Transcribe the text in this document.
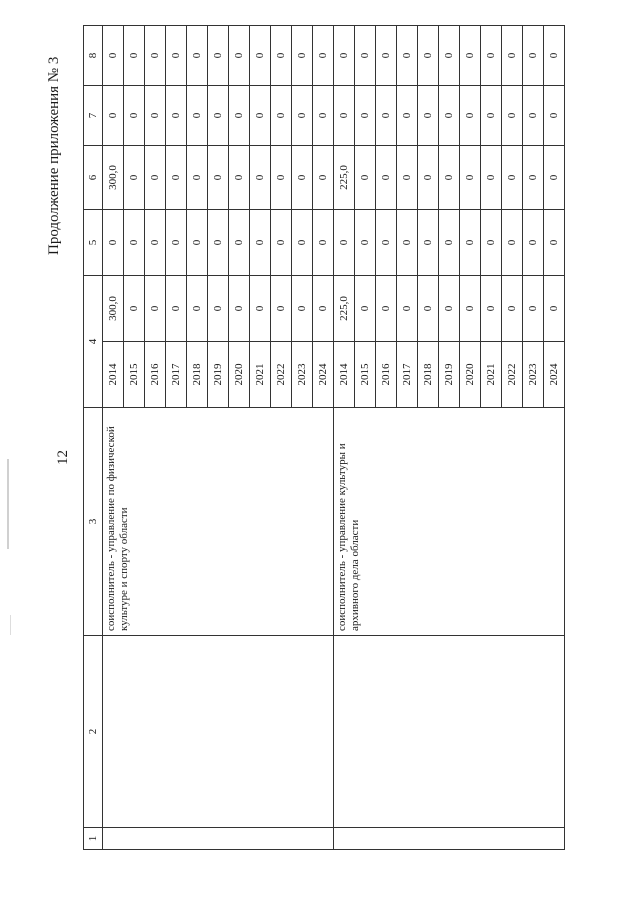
12
Продолжение приложения № 3
1	2	3	4		5	6	7	8
		соисполнитель - управление по физической культуре и спорту области	2014	300,0	0	300,0	0	0
			2015	0	0	0	0	0
			2016	0	0	0	0	0
			2017	0	0	0	0	0
			2018	0	0	0	0	0
			2019	0	0	0	0	0
			2020	0	0	0	0	0
			2021	0	0	0	0	0
			2022	0	0	0	0	0
			2023	0	0	0	0	0
			2024	0	0	0	0	0
		соисполнитель - управление культуры и архивного дела области	2014	225,0	0	225,0	0	0
			2015	0	0	0	0	0
			2016	0	0	0	0	0
			2017	0	0	0	0	0
			2018	0	0	0	0	0
			2019	0	0	0	0	0
			2020	0	0	0	0	0
			2021	0	0	0	0	0
			2022	0	0	0	0	0
			2023	0	0	0	0	0
			2024	0	0	0	0	0
